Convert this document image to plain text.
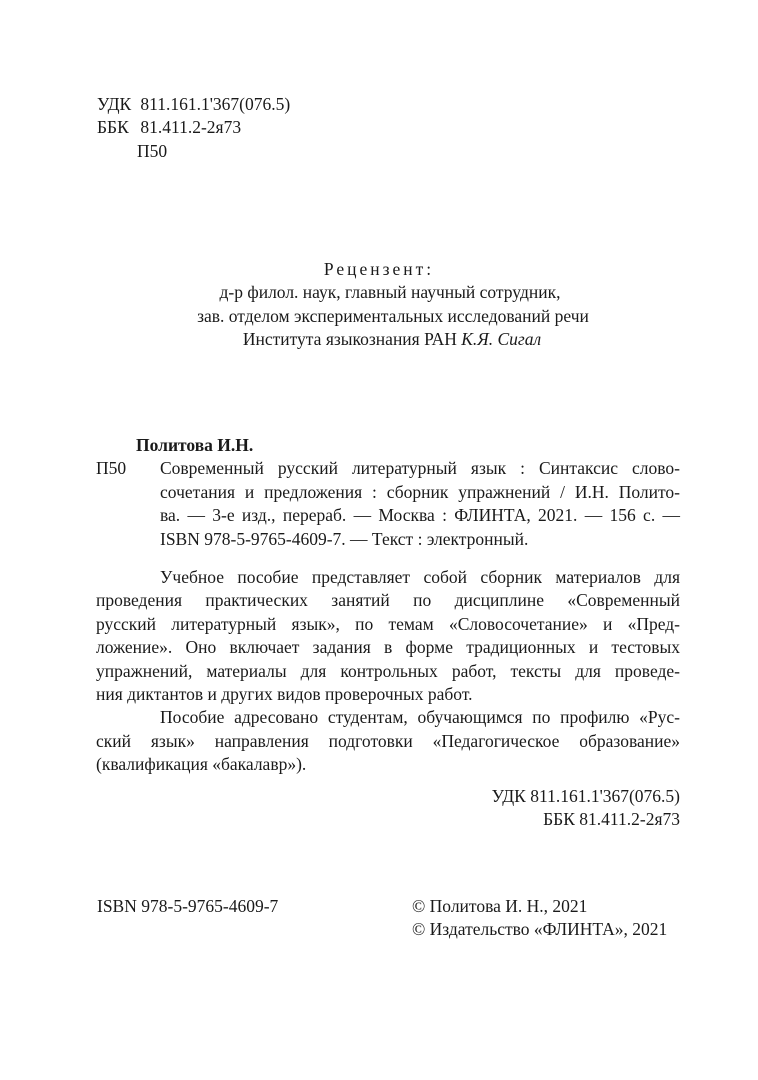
УДК 811.161.1'367(076.5)
ББК 81.411.2-2я73
П50
Рецензент:
д-р филол. наук, главный научный сотрудник,
зав. отделом экспериментальных исследований речи
Института языкознания РАН К.Я. Сигал
Политова И.Н.
П50 Современный русский литературный язык : Синтаксис слово-
сочетания и предложения : сборник упражнений / И.Н. Полито-
ва. — 3-е изд., перераб. — Москва : ФЛИНТА, 2021. — 156 с. —
ISBN 978-5-9765-4609-7. — Текст : электронный.
Учебное пособие представляет собой сборник материалов для
проведения практических занятий по дисциплине «Современный
русский литературный язык», по темам «Словосочетание» и «Пред-
ложение». Оно включает задания в форме традиционных и тестовых
упражнений, материалы для контрольных работ, тексты для проведе-
ния диктантов и других видов проверочных работ.
Пособие адресовано студентам, обучающимся по профилю «Рус-
ский язык» направления подготовки «Педагогическое образование»
(квалификация «бакалавр»).
УДК 811.161.1'367(076.5)
ББК 81.411.2-2я73
ISBN 978-5-9765-4609-7	© Политова И. Н., 2021
© Издательство «ФЛИНТА», 2021
